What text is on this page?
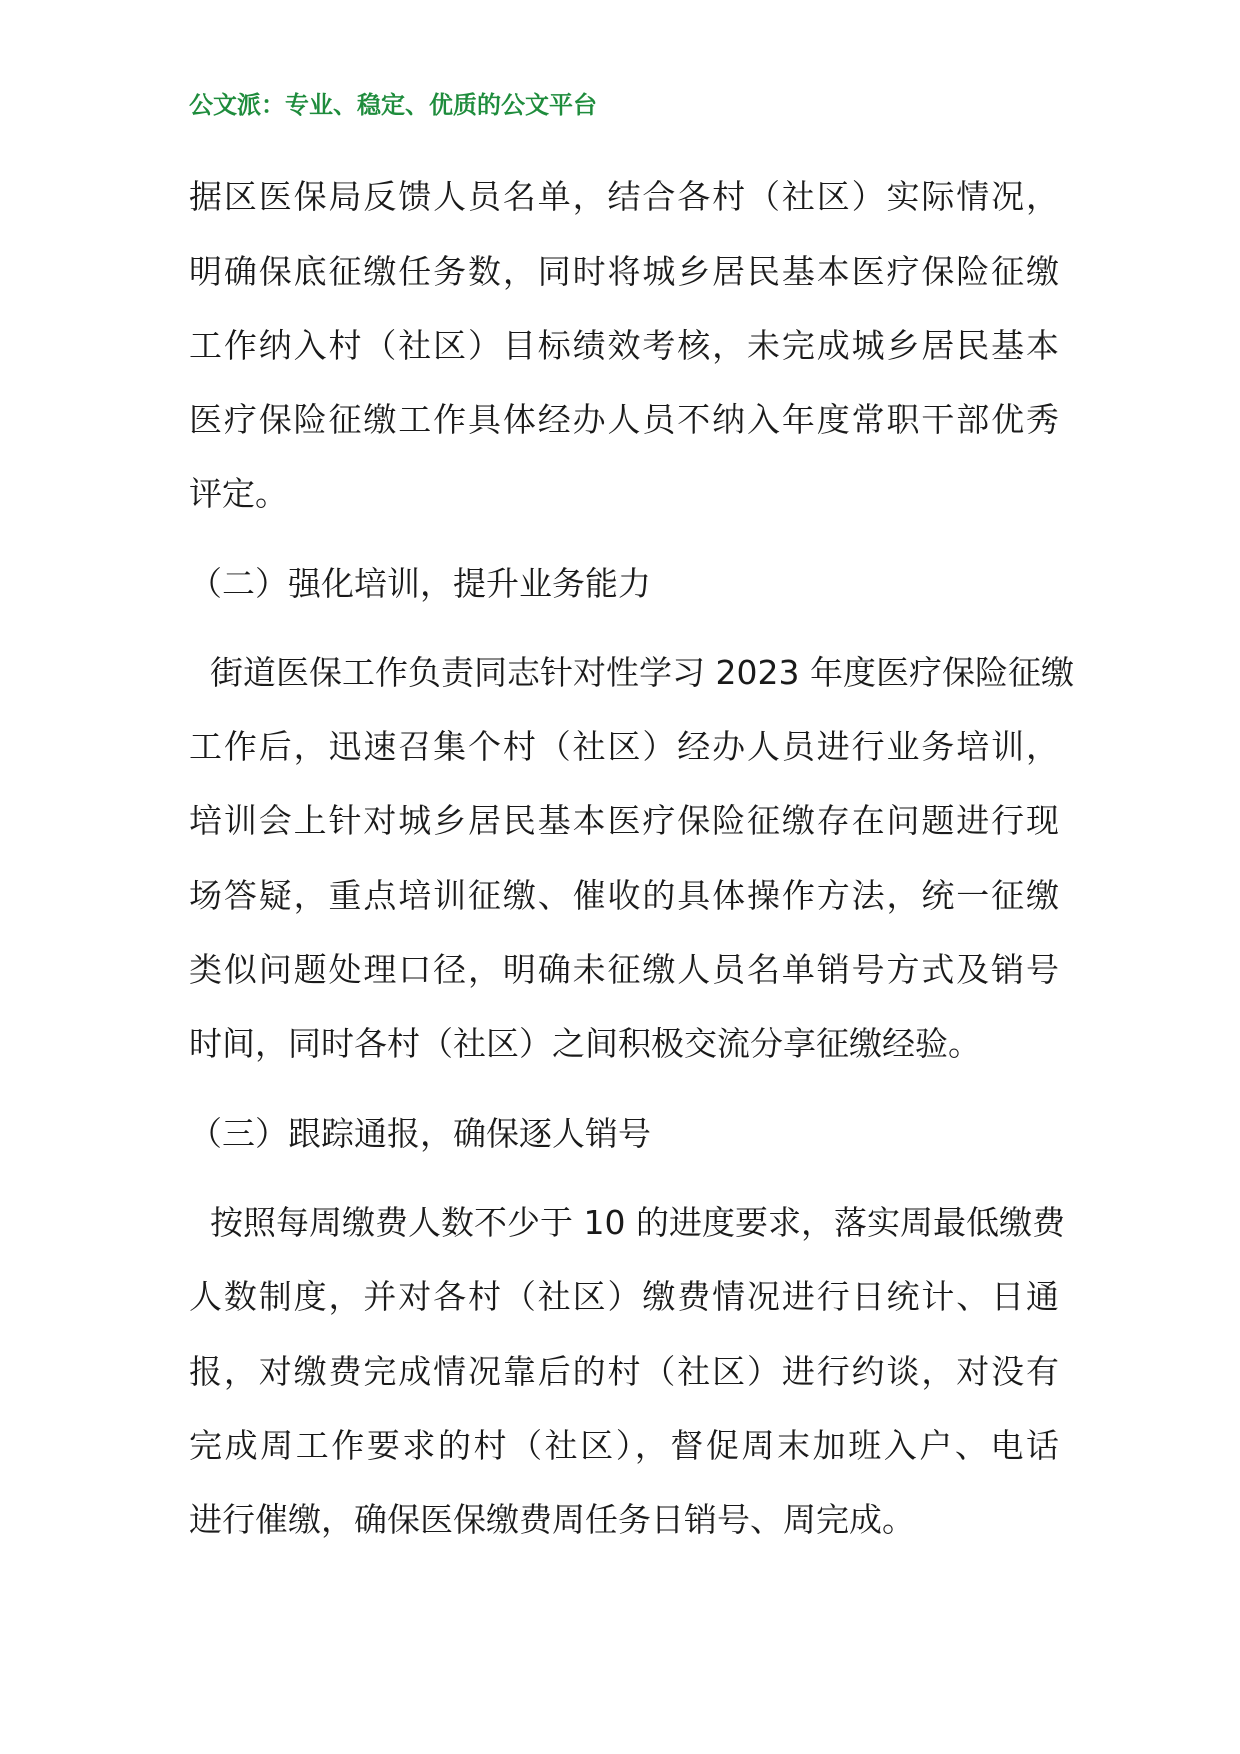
公文派：专业、稳定、优质的公文平台
据区医保局反馈人员名单，结合各村（社区）实际情况，
明确保底征缴任务数，同时将城乡居民基本医疗保险征缴
工作纳入村（社区）目标绩效考核，未完成城乡居民基本
医疗保险征缴工作具体经办人员不纳入年度常职干部优秀
评定。
（二）强化培训，提升业务能力
街道医保工作负责同志针对性学习 2023 年度医疗保险征缴
工作后，迅速召集个村（社区）经办人员进行业务培训，
培训会上针对城乡居民基本医疗保险征缴存在问题进行现
场答疑，重点培训征缴、催收的具体操作方法，统一征缴
类似问题处理口径，明确未征缴人员名单销号方式及销号
时间，同时各村（社区）之间积极交流分享征缴经验。
（三）跟踪通报，确保逐人销号
按照每周缴费人数不少于 10 的进度要求，落实周最低缴费
人数制度，并对各村（社区）缴费情况进行日统计、日通
报，对缴费完成情况靠后的村（社区）进行约谈，对没有
完成周工作要求的村（社区），督促周末加班入户、电话
进行催缴，确保医保缴费周任务日销号、周完成。
